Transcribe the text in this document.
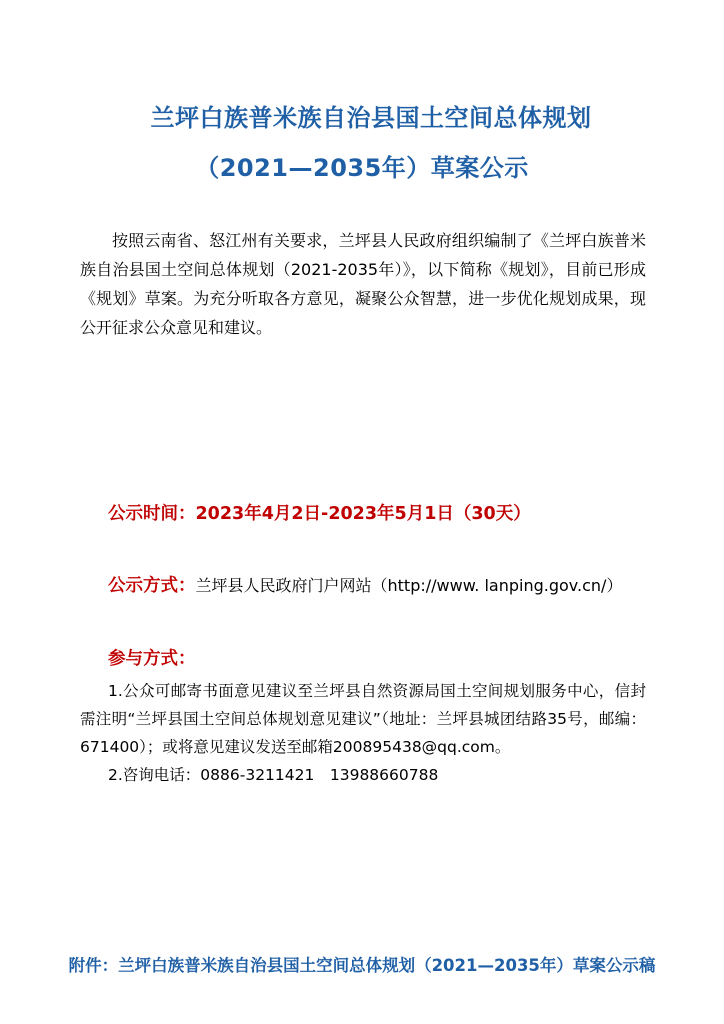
兰坪白族普米族自治县国土空间总体规划
（2021—2035年）草案公示
按照云南省、怒江州有关要求，兰坪县人民政府组织编制了《兰坪白族普米族自治县国土空间总体规划（2021-2035年）》，以下简称《规划》，目前已形成《规划》草案。为充分听取各方意见，凝聚公众智慧，进一步优化规划成果，现公开征求公众意见和建议。
公示时间：2023年4月2日-2023年5月1日（30天）
公示方式：兰坪县人民政府门户网站（http://www. lanping.gov.cn/）
参与方式：

1.公众可邮寄书面意见建议至兰坪县自然资源局国土空间规划服务中心，信封需注明“兰坪县国土空间总体规划意见建议”（地址：兰坪县城团结路35号，邮编：671400）；或将意见建议发送至邮箱200895438@qq.com。

2.咨询电话：0886-3211421　13988660788

附件：兰坪白族普米族自治县国土空间总体规划（2021—2035年）草案公示稿
